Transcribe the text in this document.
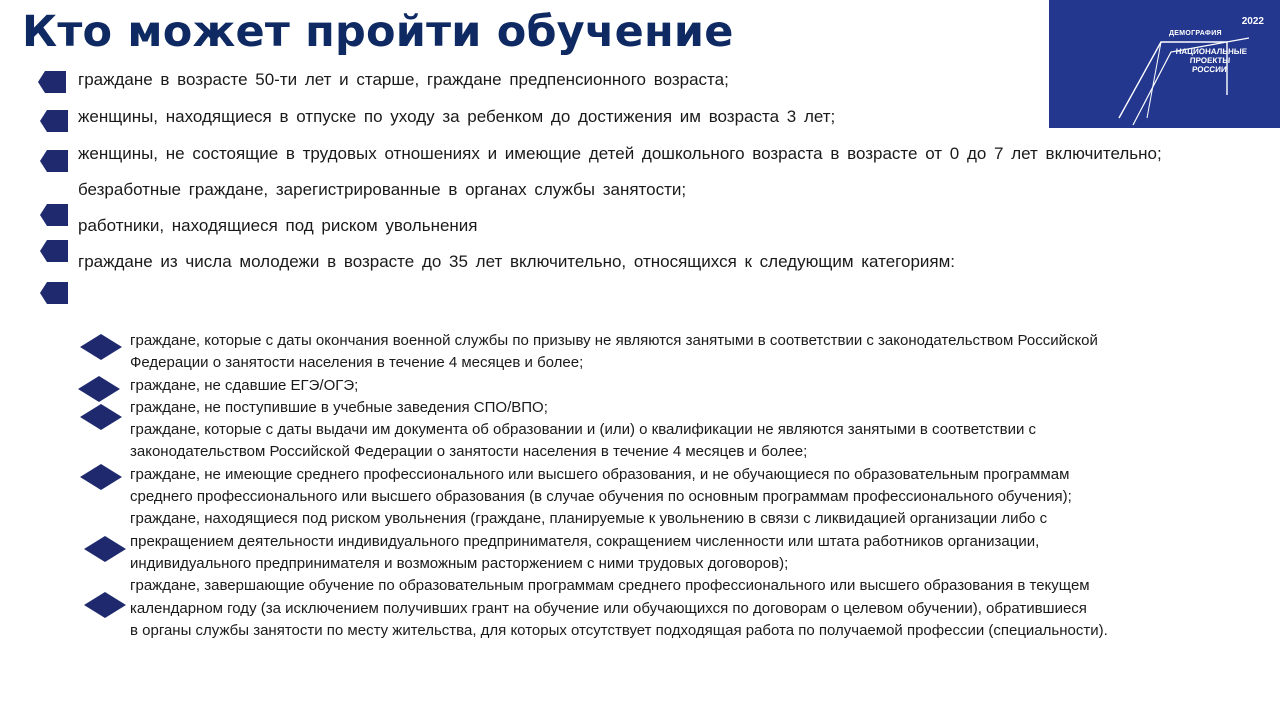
Кто может пройти обучение	2022
ДЕМОГРАФИЯ
НАЦИОНАЛЬНЫЕ
ПРОЕКТЫ
РОССИИ
граждане в возрасте 50-ти лет и старше, граждане предпенсионного возраста;
женщины, находящиеся в отпуске по уходу за ребенком до достижения им возраста 3 лет;
женщины, не состоящие в трудовых отношениях и имеющие детей дошкольного возраста в возрасте от 0 до 7 лет включительно;
безработные граждане, зарегистрированные в органах службы занятости;
работники, находящиеся под риском увольнения
граждане из числа молодежи в возрасте до 35 лет включительно, относящихся к следующим категориям:
граждане, которые с даты окончания военной службы по призыву не являются занятыми в соответствии с законодательством Российской
Федерации о занятости населения в течение 4 месяцев и более;
граждане, не сдавшие ЕГЭ/ОГЭ;
граждане, не поступившие в учебные заведения СПО/ВПО;
граждане, которые с даты выдачи им документа об образовании и (или) о квалификации не являются занятыми в соответствии с
законодательством Российской Федерации о занятости населения в течение 4 месяцев и более;
граждане, не имеющие среднего профессионального или высшего образования, и не обучающиеся по образовательным программам
среднего профессионального или высшего образования (в случае обучения по основным программам профессионального обучения);
граждане, находящиеся под риском увольнения (граждане, планируемые к увольнению в связи с ликвидацией организации либо с
прекращением деятельности индивидуального предпринимателя, сокращением численности или штата работников организации,
индивидуального предпринимателя и возможным расторжением с ними трудовых договоров);
граждане, завершающие обучение по образовательным программам среднего профессионального или высшего образования в текущем
календарном году (за исключением получивших грант на обучение или обучающихся по договорам о целевом обучении), обратившиеся
в органы службы занятости по месту жительства, для которых отсутствует подходящая работа по получаемой профессии (специальности).
